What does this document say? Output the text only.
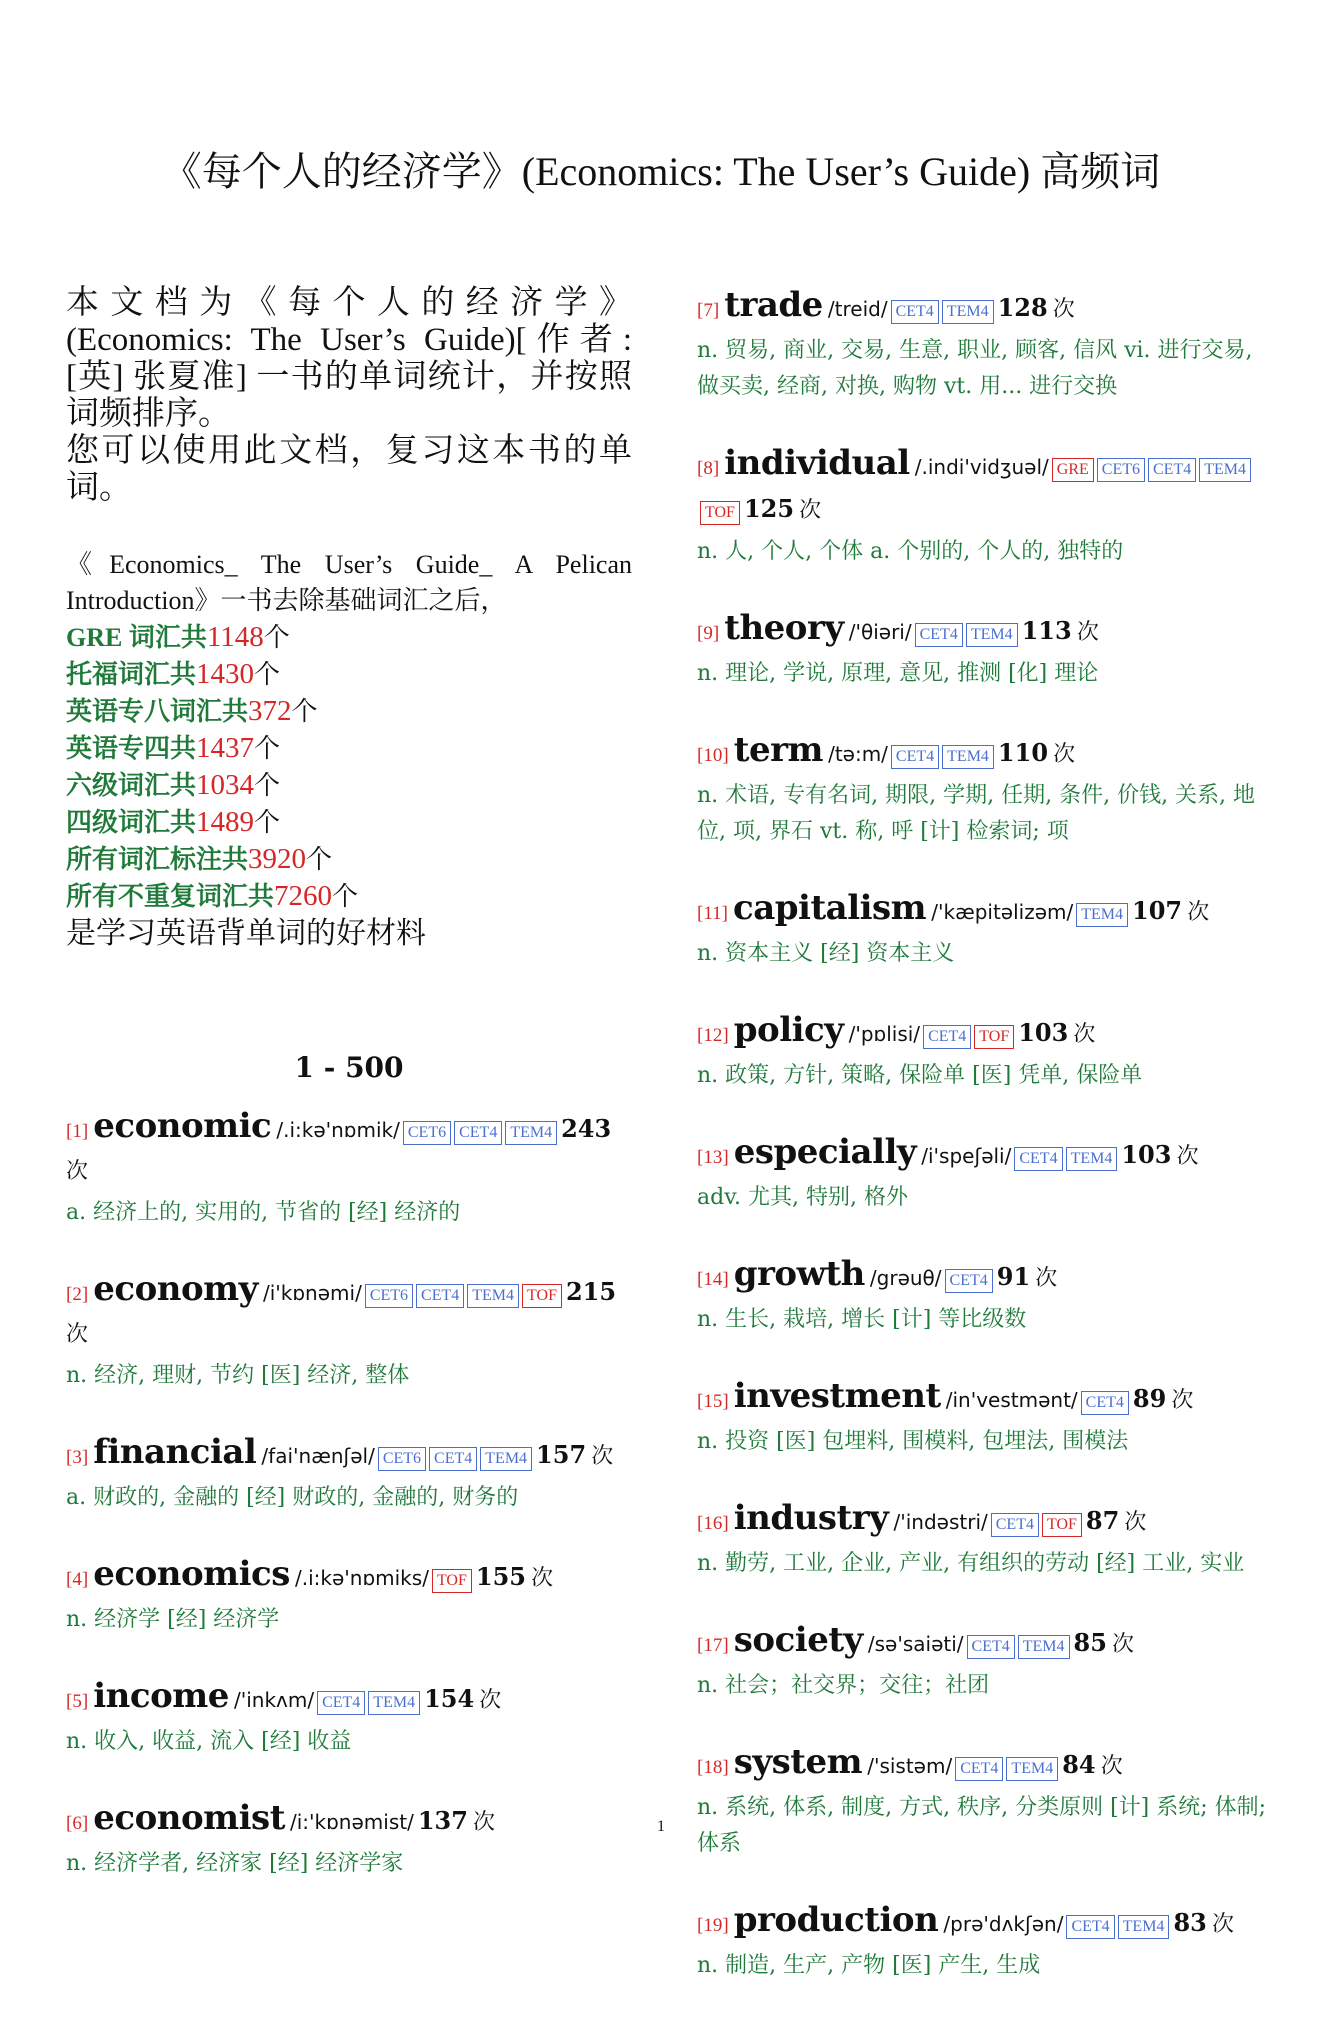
《每个人的经济学》(Economics: The User’s Guide) 高频词

本文档为《每个人的经济学》(Economics: The User’s Guide)[作者: [英] 张夏准] 一书的单词统计，并按照词频排序。
您可以使用此文档，复习这本书的单词。

《Economics_ The User’s Guide_ A Pelican Introduction》一书去除基础词汇之后，
GRE 词汇共1148个
托福词汇共1430个
英语专八词汇共372个
英语专四共1437个
六级词汇共1034个
四级词汇共1489个
所有词汇标注共3920个
所有不重复词汇共7260个
是学习英语背单词的好材料
1 - 500
[1] economic /.i:kə'nɒmik/ CET6 CET4 TEM4 243 次
a. 经济上的, 实用的, 节省的 [经] 经济的
[2] economy /i'kɒnəmi/ CET6 CET4 TEM4 TOF 215 次
n. 经济, 理财, 节约 [医] 经济, 整体
[3] financial /fai'nænʃəl/ CET6 CET4 TEM4 157 次
a. 财政的, 金融的 [经] 财政的, 金融的, 财务的
[4] economics /.i:kə'nɒmiks/ TOF 155 次
n. 经济学 [经] 经济学
[5] income /'inkʌm/ CET4 TEM4 154 次
n. 收入, 收益, 流入 [经] 收益
[6] economist /i:'kɒnəmist/ 137 次
n. 经济学者, 经济家 [经] 经济学家
[7] trade /treid/ CET4 TEM4 128 次
n. 贸易, 商业, 交易, 生意, 职业, 顾客, 信风 vi. 进行交易, 做买卖, 经商, 对换, 购物 vt. 用... 进行交换
[8] individual /.indi'vidʒuəl/ GRE CET6 CET4 TEM4TOF 125 次
n. 人, 个人, 个体 a. 个别的, 个人的, 独特的
[9] theory /'θiəri/ CET4 TEM4 113 次
n. 理论, 学说, 原理, 意见, 推测 [化] 理论
[10] term /tə:m/ CET4 TEM4 110 次
n. 术语, 专有名词, 期限, 学期, 任期, 条件, 价钱, 关系, 地位, 项, 界石 vt. 称, 呼 [计] 检索词; 项
[11] capitalism /'kæpitəlizəm/ TEM4 107 次
n. 资本主义 [经] 资本主义
[12] policy /'pɒlisi/ CET4 TOF 103 次
n. 政策, 方针, 策略, 保险单 [医] 凭单, 保险单
[13] especially /i'speʃəli/ CET4 TEM4 103 次
adv. 尤其, 特别, 格外
[14] growth /grəuθ/ CET4 91 次
n. 生长, 栽培, 增长 [计] 等比级数
[15] investment /in'vestmənt/ CET4 89 次
n. 投资 [医] 包埋料, 围模料, 包埋法, 围模法
[16] industry /'indəstri/ CET4 TOF 87 次
n. 勤劳, 工业, 企业, 产业, 有组织的劳动 [经] 工业, 实业
[17] society /sə'saiəti/ CET4 TEM4 85 次
n. 社会；社交界；交往；社团
[18] system /'sistəm/ CET4 TEM4 84 次
n. 系统, 体系, 制度, 方式, 秩序, 分类原则 [计] 系统; 体制; 体系
[19] production /prə'dʌkʃən/ CET4 TEM4 83 次
n. 制造, 生产, 产物 [医] 产生, 生成
1
